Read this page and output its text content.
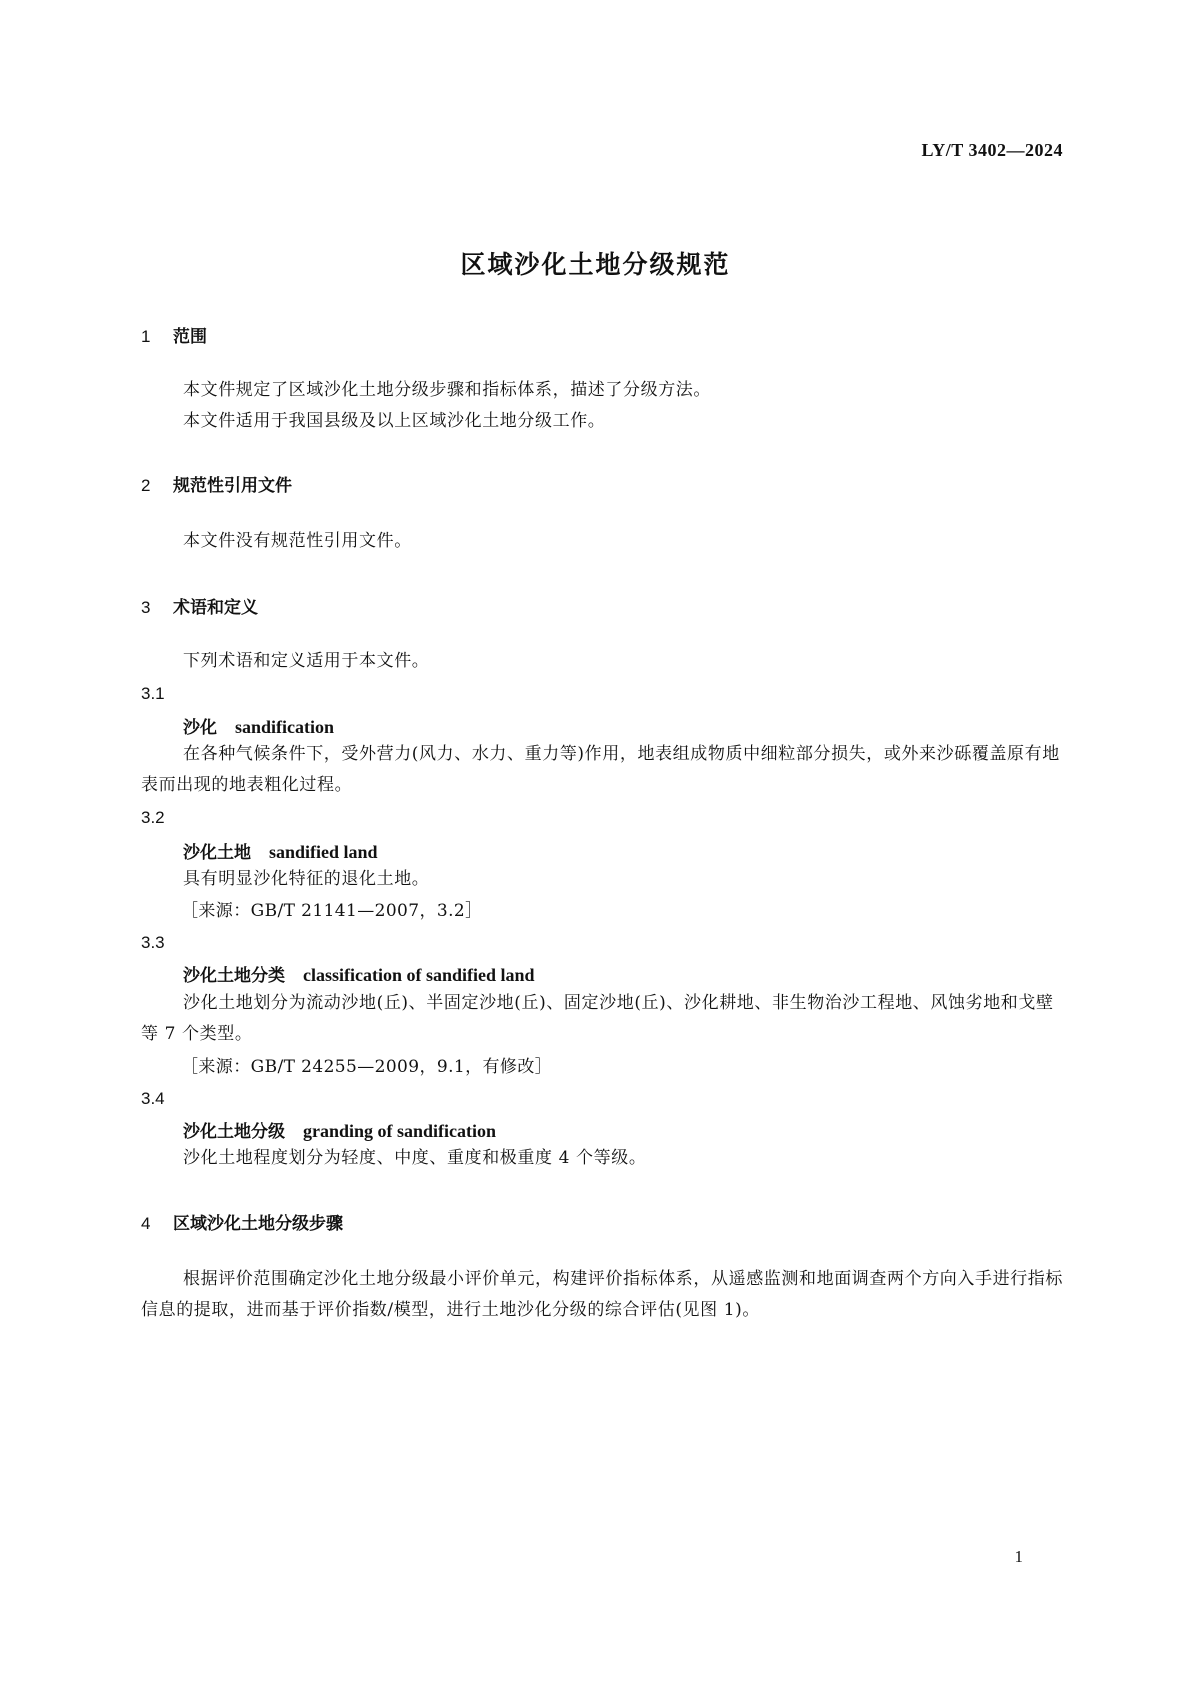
LY/T 3402—2024
区域沙化土地分级规范
1 范围
本文件规定了区域沙化土地分级步骤和指标体系，描述了分级方法。
本文件适用于我国县级及以上区域沙化土地分级工作。
2 规范性引用文件
本文件没有规范性引用文件。
3 术语和定义
下列术语和定义适用于本文件。
3.1
沙化 sandification
在各种气候条件下，受外营力(风力、水力、重力等)作用，地表组成物质中细粒部分损失，或外来沙砾覆盖原有地表而出现的地表粗化过程。
3.2
沙化土地 sandified land
具有明显沙化特征的退化土地。
［来源：GB/T 21141—2007，3.2］
3.3
沙化土地分类 classification of sandified land
沙化土地划分为流动沙地(丘)、半固定沙地(丘)、固定沙地(丘)、沙化耕地、非生物治沙工程地、风蚀劣地和戈壁等 7 个类型。
［来源：GB/T 24255—2009，9.1，有修改］
3.4
沙化土地分级 granding of sandification
沙化土地程度划分为轻度、中度、重度和极重度 4 个等级。
4 区域沙化土地分级步骤
根据评价范围确定沙化土地分级最小评价单元，构建评价指标体系，从遥感监测和地面调查两个方向入手进行指标信息的提取，进而基于评价指数/模型，进行土地沙化分级的综合评估(见图 1)。
1
